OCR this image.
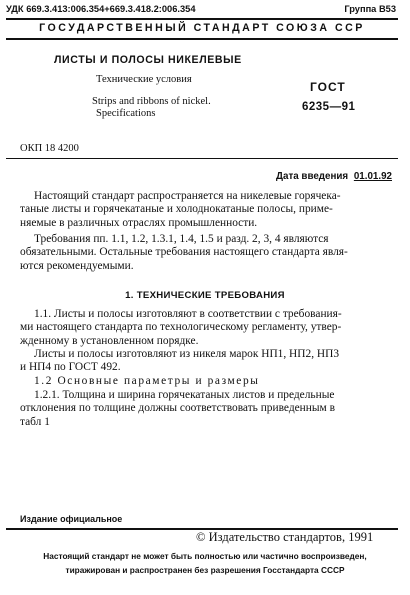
УДК 669.3.413:006.354+669.3.418.2:006.354	Группа В53
ГОСУДАРСТВЕННЫЙ СТАНДАРТ СОЮЗА ССР
ЛИСТЫ И ПОЛОСЫ НИКЕЛЕВЫЕ
Технические условия
Strips and ribbons of nickel.
Specifications
ГОСТ
6235—91
ОКП 18 4200
Дата введения 01.01.92

Настоящий стандарт распространяется на никелевые горячека-

таные листы и горячекатаные и холоднокатаные полосы, приме-

няемые в различных отраслях промышленности.

Требования пп. 1.1, 1.2, 1.3.1, 1.4, 1.5 и разд. 2, 3, 4 являются

обязательными. Остальные требования настоящего стандарта явля-

ются рекомендуемыми.

1. ТЕХНИЧЕСКИЕ ТРЕБОВАНИЯ

1.1. Листы и полосы изготовляют в соответствии с требования-

ми настоящего стандарта по технологическому регламенту, утвер-

жденному в установленном порядке.

Листы и полосы изготовляют из никеля марок НП1, НП2, НП3

и НП4 по ГОСТ 492.

1.2 Основные параметры и размеры

1.2.1. Толщина и ширина горячекатаных листов и предельные

отклонения по толщине должны соответствовать приведенным в

табл 1

Издание официальное
© Издательство стандартов, 1991
Настоящий стандарт не может быть полностью или частично воспроизведен,
тиражирован и распространен без разрешения Госстандарта СССР
